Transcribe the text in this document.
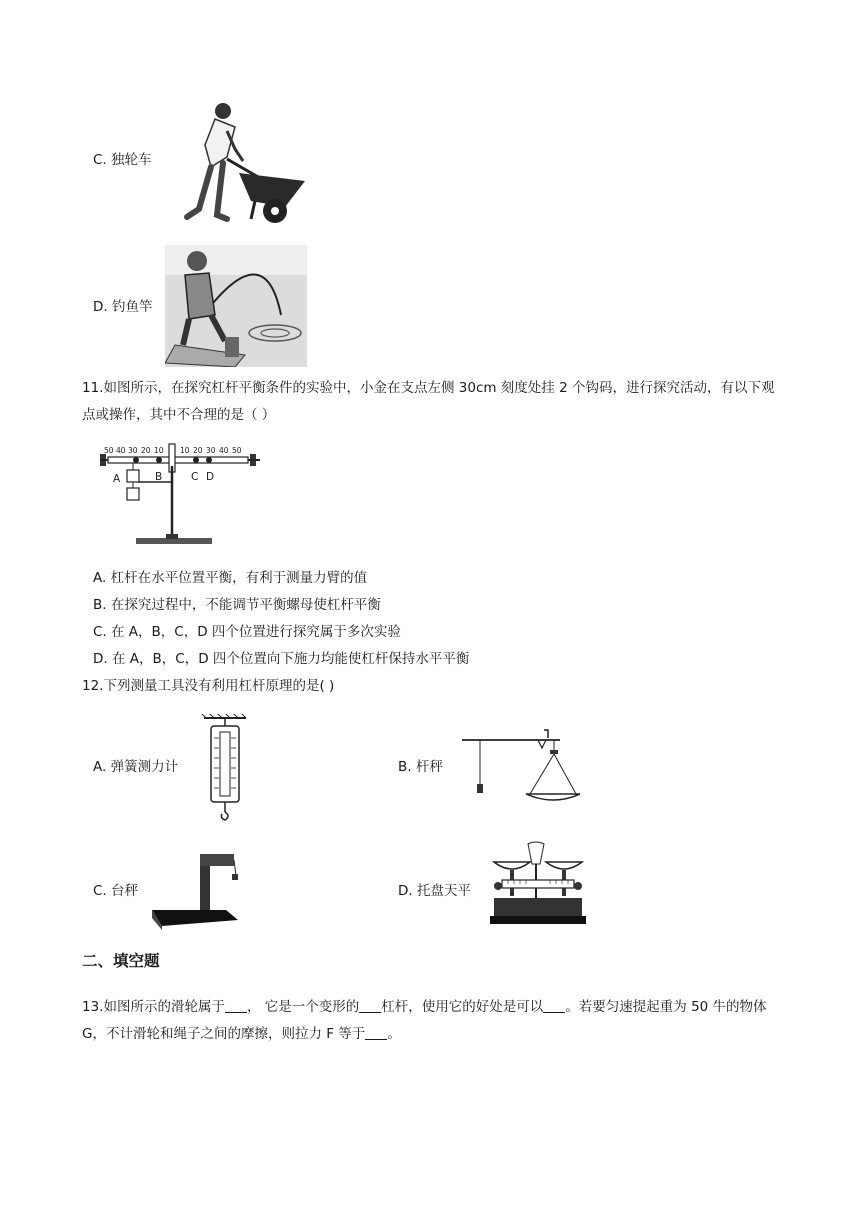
C. 独轮车
D. 钓鱼竿
11.如图所示，在探究杠杆平衡条件的实验中，小金在支点左侧 30cm 刻度处挂 2 个钩码，进行探究活动，有以下观点或操作，其中不合理的是（ ）
50 40 30 20 10 10 20 30 40 50
A	B	C D
A. 杠杆在水平位置平衡，有利于测量力臂的值
B. 在探究过程中，不能调节平衡螺母使杠杆平衡
C. 在 A，B，C，D 四个位置进行探究属于多次实验
D. 在 A，B，C，D 四个位置向下施力均能使杠杆保持水平平衡
12.下列测量工具没有利用杠杆原理的是( )
A. 弹簧测力计	B. 杆秤
C. 台秤	D. 托盘天平
二、填空题
13.如图所示的滑轮属于 ， 它是一个变形的 杠杆，使用它的好处是可以 。若要匀速提起重为 50 牛的物体 G，不计滑轮和绳子之间的摩擦，则拉力 F 等于 。
